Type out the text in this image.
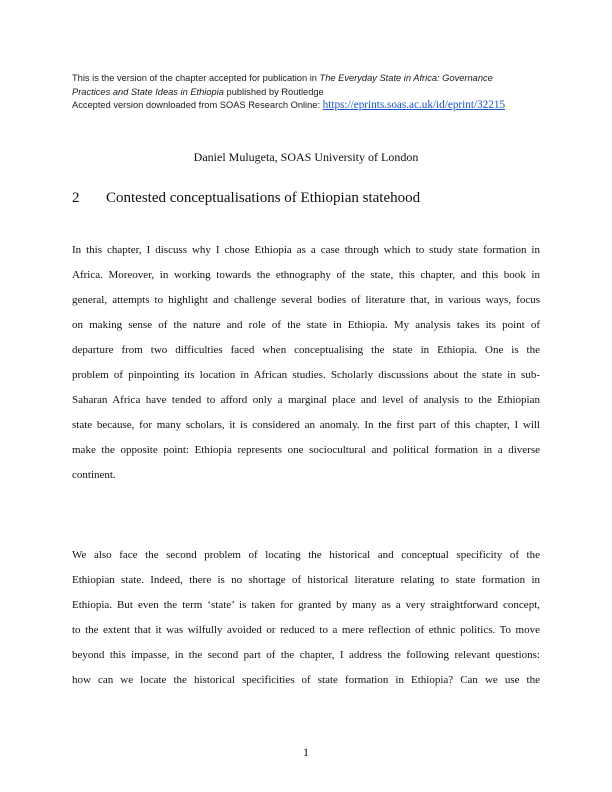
This is the version of the chapter accepted for publication in The Everyday State in Africa: Governance
Practices and State Ideas in Ethiopia published by Routledge
Accepted version downloaded from SOAS Research Online: https://eprints.soas.ac.uk/id/eprint/32215
Daniel Mulugeta, SOAS University of London
2 Contested conceptualisations of Ethiopian statehood
In this chapter, I discuss why I chose Ethiopia as a case through which to study state formation in
Africa. Moreover, in working towards the ethnography of the state, this chapter, and this book in
general, attempts to highlight and challenge several bodies of literature that, in various ways, focus
on making sense of the nature and role of the state in Ethiopia. My analysis takes its point of
departure from two difficulties faced when conceptualising the state in Ethiopia. One is the
problem of pinpointing its location in African studies. Scholarly discussions about the state in sub-
Saharan Africa have tended to afford only a marginal place and level of analysis to the Ethiopian
state because, for many scholars, it is considered an anomaly. In the first part of this chapter, I will
make the opposite point: Ethiopia represents one sociocultural and political formation in a diverse
continent.
We also face the second problem of locating the historical and conceptual specificity of the
Ethiopian state. Indeed, there is no shortage of historical literature relating to state formation in
Ethiopia. But even the term ‘state’ is taken for granted by many as a very straightforward concept,
to the extent that it was wilfully avoided or reduced to a mere reflection of ethnic politics. To move
beyond this impasse, in the second part of the chapter, I address the following relevant questions:
how can we locate the historical specificities of state formation in Ethiopia? Can we use the
1
